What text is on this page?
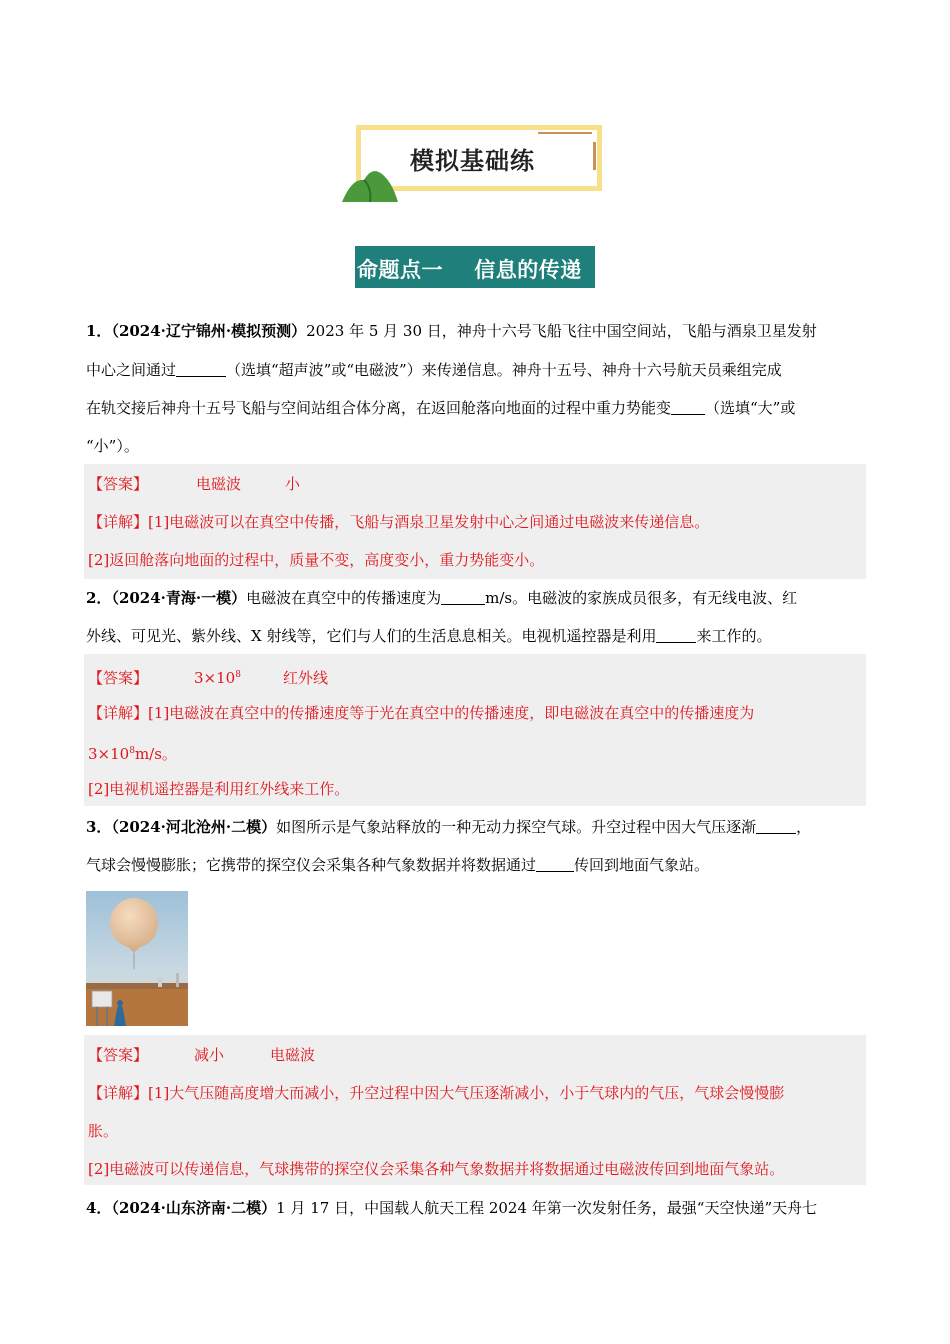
模拟基础练
命题点一    信息的传递
1．（2024·辽宁锦州·模拟预测）2023 年 5 月 30 日，神舟十六号飞船飞往中国空间站，飞船与酒泉卫星发射
中心之间通过	（选填“超声波”或“电磁波”）来传递信息。神舟十五号、神舟十六号航天员乘组完成
在轨交接后神舟十五号飞船与空间站组合体分离，在返回舱落向地面的过程中重力势能变 （选填“大”或
“小”）。
【答案】	电磁波	小
【详解】[1]电磁波可以在真空中传播，飞船与酒泉卫星发射中心之间通过电磁波来传递信息。
[2]返回舱落向地面的过程中，质量不变，高度变小，重力势能变小。
2．（2024·青海·一模）电磁波在真空中的传播速度为	m/s。电磁波的家族成员很多，有无线电波、红
外线、可见光、紫外线、X 射线等，它们与人们的生活息息相关。电视机遥控器是利用	来工作的。
【答案】	$3\times 10^8$	红外线
【详解】[1]电磁波在真空中的传播速度等于光在真空中的传播速度，即电磁波在真空中的传播速度为
$3\times 10^8m/s$。
[2]电视机遥控器是利用红外线来工作。
3．（2024·河北沧州·二模）如图所示是气象站释放的一种无动力探空气球。升空过程中因大气压逐渐	，
气球会慢慢膨胀；它携带的探空仪会采集各种气象数据并将数据通过	传回到地面气象站。
【答案】	减小	电磁波
【详解】[1]大气压随高度增大而减小，升空过程中因大气压逐渐减小，小于气球内的气压，气球会慢慢膨
胀。
[2]电磁波可以传递信息，气球携带的探空仪会采集各种气象数据并将数据通过电磁波传回到地面气象站。
4．（2024·山东济南·二模）1 月 17 日，中国载人航天工程 2024 年第一次发射任务，最强“天空快递”天舟七
